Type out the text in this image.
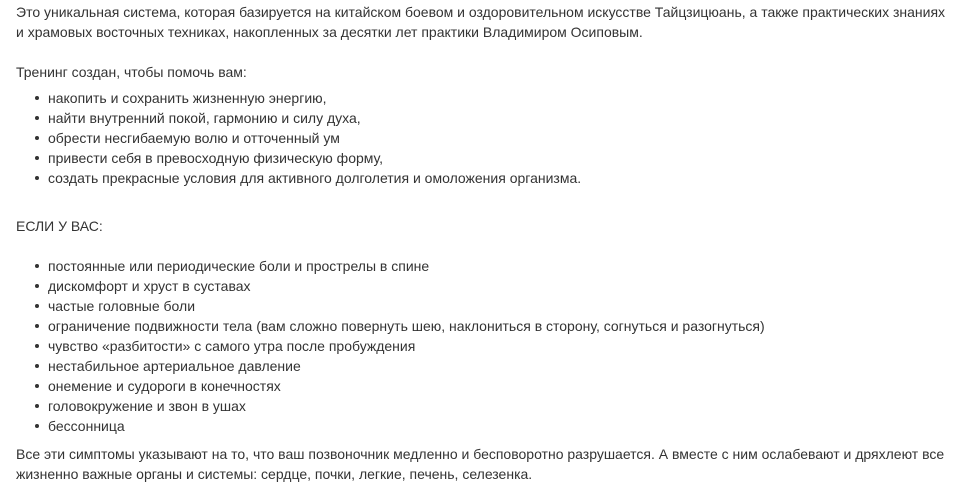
Это уникальная система, которая базируется на китайском боевом и оздоровительном искусстве Тайцзицюань, а также практических знаниях и храмовых восточных техниках, накопленных за десятки лет практики Владимиром Осиповым.

Тренинг создан, чтобы помочь вам:

накопить и сохранить жизненную энергию,
найти внутренний покой, гармонию и силу духа,
обрести несгибаемую волю и отточенный ум
привести себя в превосходную физическую форму,
создать прекрасные условия для активного долголетия и омоложения организма.

ЕСЛИ У ВАС:

постоянные или периодические боли и прострелы в спине
дискомфорт и хруст в суставах
частые головные боли
ограничение подвижности тела (вам сложно повернуть шею, наклониться в сторону, согнуться и разогнуться)
чувство «разбитости» с самого утра после пробуждения
нестабильное артериальное давление
онемение и судороги в конечностях
головокружение и звон в ушах
бессонница

Все эти симптомы указывают на то, что ваш позвоночник медленно и бесповоротно разрушается. А вместе с ним ослабевают и дряхлеют все жизненно важные органы и системы: сердце, почки, легкие, печень, селезенка.
